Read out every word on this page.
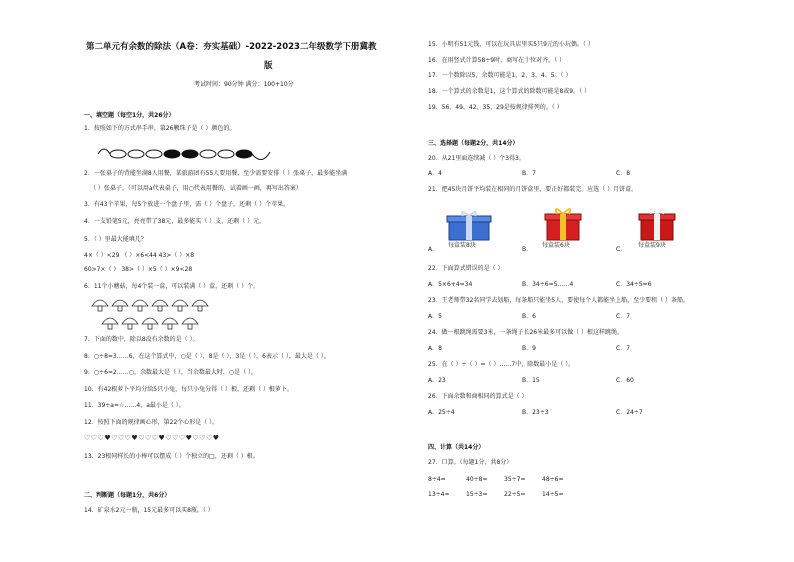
第二单元有余数的除法（A卷：夯实基础）-2022-2023二年级数学下册冀教
版
考试时间：90分钟 满分：100+10分
一、填空题（每空1分，共26分）
1．按照如下的方式串手串，第26颗珠子是（ ）颜色的。
2．一张桌子的背能坐满8人用餐，某旅游团有55人要用餐，至少需要安排（ ）张桌子，最多能坐满
（ ）张桌子。（可以用a代表桌子，用○代表用餐的，试着画一画，再写出答案）
3．有43个苹果，每5个放进一个盘子里，需（ ）个盘子，还剩（ ）个苹果。
4．一支铅笔5元，亮亮带了38元，最多能买（ ）支，还剩（ ）元。
5．（ ）里最大能填几？
4×（ ）<29 （ ）×6<44 43>（ ）×8
60>7×（ ） 38>（ ）×5（ ）×9<28
6．11个小蘑菇，每4个装一盒，可以装满（ ）盒，还剩（ ）个。
7．下面的数中，除以8没有余数的是（ ）。
8．○÷8=3……6，在这个算式中，○是（ ），8是（ ），3是（ ），6表示（ ），最大是（ ）。
9．○÷6=2……○，余数最大是（ ），当余数最大时，○是（ ）。
10．有42根萝卜平均分给5只小兔，每只小兔分得（ ）根，还剩（ ）根萝卜。
11．39÷a=☆……4，a最小是（ ）。
12．按照下面的规律画心形，第22个心形是（ ）。
♡♡♡♥♡♡♡♥♡♡♡♥♡♡♡♥♡♡♡♥
13．23根同样长的小棒可以摆成（ ）个独立的□，还剩（ ）根。
二、判断题（每题1分，共6分）
14．矿泉水2元一瓶，15元最多可以买8瓶。（ ）
15．小明有51元钱，可以在玩具店里买5只9元的小玩偶。（ ）
16．在用竖式计算58÷9时，商写在十位对齐。（ ）
17．一个数除以5，余数可能是1、2、3、4、5。（ ）
18．一个算式的余数是1，这个算式的除数可能是8或9。（ ）
19．56、49、42、35、29是按规律排列的。（ ）
三、选择题（每题2分，共14分）
20．从21里面连续减（ ）个3得3。
A．4	B．7	C．8
21．把45块月饼平均装在相同的月饼盒里，要正好都装完。应选（ ）月饼盒。
A．
每盒装8块
B．
每盒装6块
C．
每盒装9块
22．下面算式错误的是（ ）
A．5×6+4=34	B．34÷6=5……4	C．34÷5=6
23．王老师带32名同学去划船，每条船只能坐5人，要使每个人都能坐上船，至少要租（ ）条船。
A．5	B．6	C．7
24．做一根跳绳需要3米，一条绳子长26米最多可以做（ ）根这样跳绳。
A．8	B．9	C．7
25．在（ ）÷（ ）=（ ）……7中，除数最小是（ ）。
A．23	B．15	C．60
26．下面余数和商相同的算式是（ ）
A．25÷4	B．23÷3	C．24÷7
四、计算（共14分）
27．口算。（每题1分，共8分）
8÷4=	40÷8=	35÷7=	48÷6=
13÷4=	15÷3=	22÷5=	14÷5=
